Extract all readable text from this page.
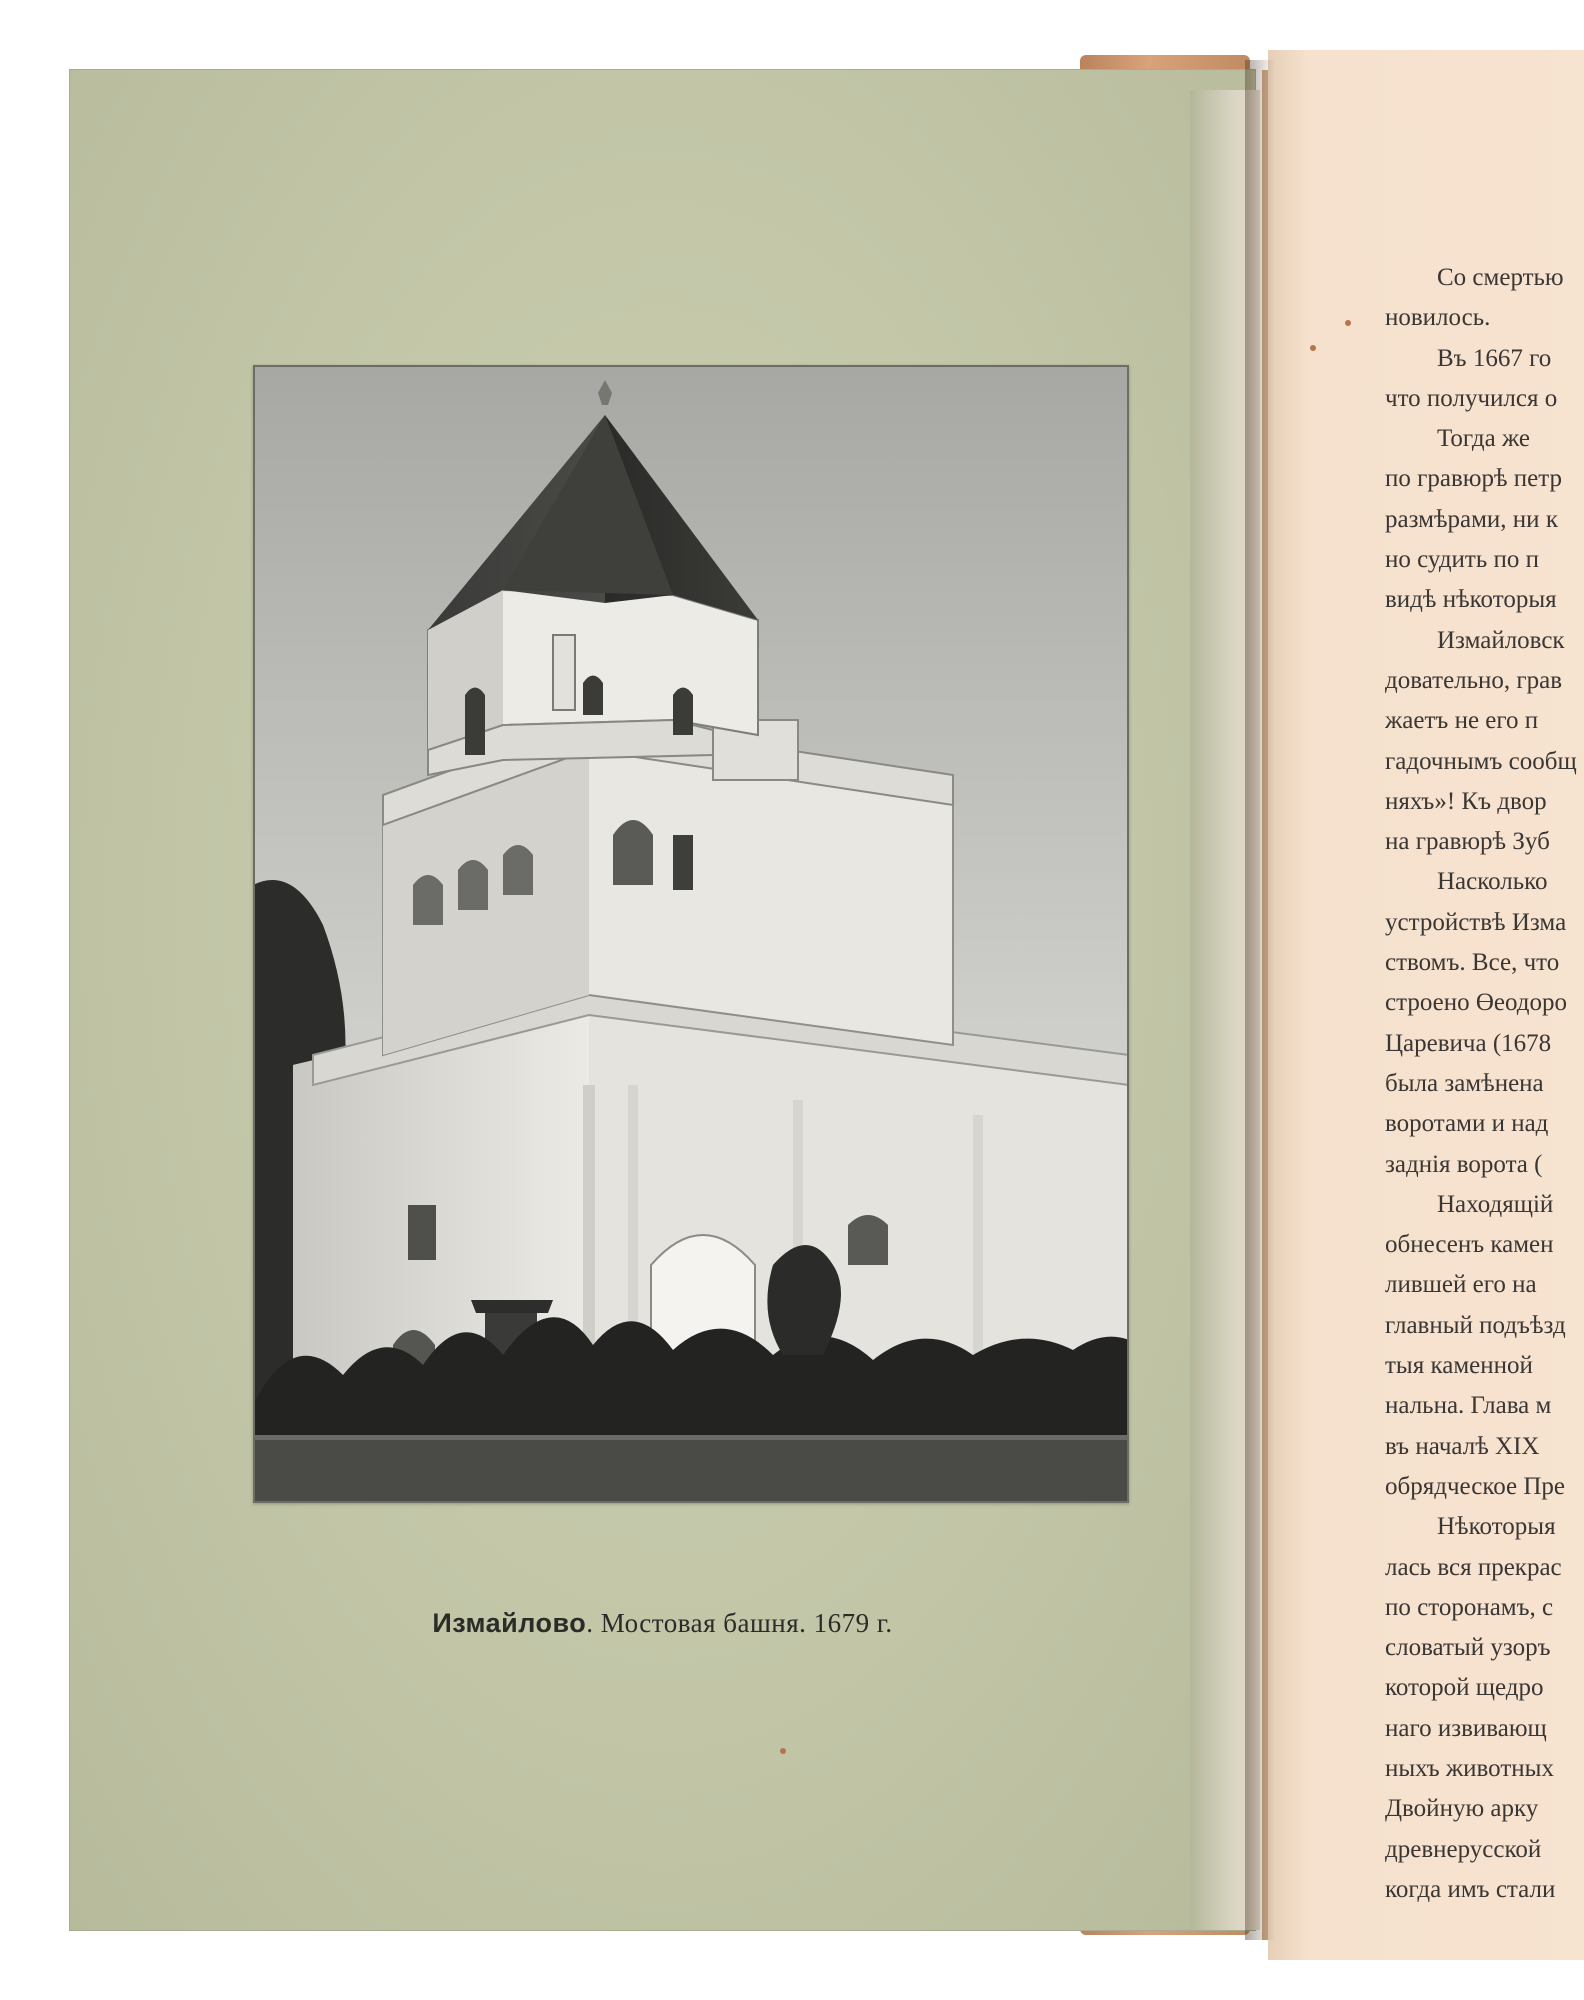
Измайлово. Мостовая башня. 1679 г.
Со смертью
новилось.
Въ 1667 го
что получился о
Тогда же
по гравюрѣ петр
размѣрами, ни к
но судить по п
видѣ нѣкоторыя
Измайловск
довательно, грав
жаетъ не его п
гадочнымъ сообщ
няхъ»! Къ двор
на гравюрѣ Зуб
Насколько
устройствѣ Изма
ствомъ. Все, что
строено Өеодоро
Царевича (1678
была замѣнена
воротами и над
заднія ворота (
Находящій
обнесенъ камен
лившей его на
главный подъѣзд
тыя каменной
нальна. Глава м
въ началѣ XIX
обрядческое Пре
Нѣкоторыя
лась вся прекрас
по сторонамъ, с
словатый узоръ
которой щедро
наго извивающ
ныхъ животных
Двойную арку
древнерусской
когда имъ стали
